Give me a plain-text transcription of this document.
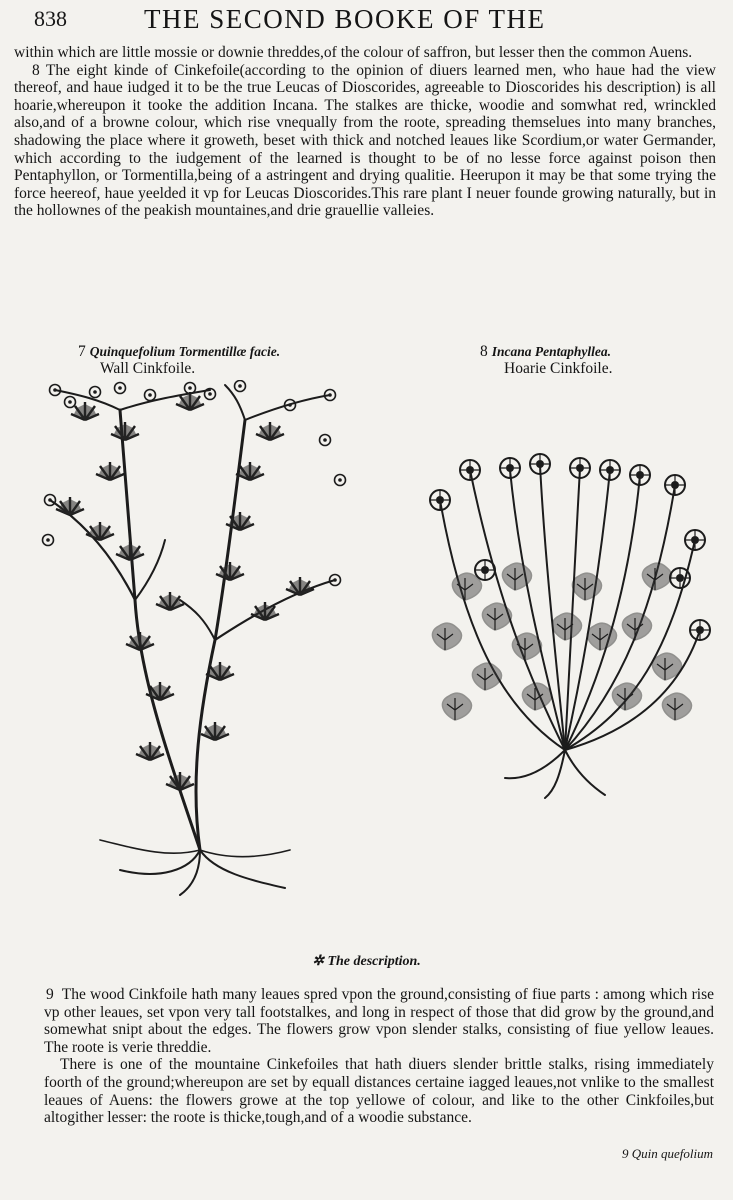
838	THE SECOND BOOKE OF THE

within which are little mossie or downie threddes,of the colour of saffron, but lesser then the common Auens.

8 The eight kinde of Cinkefoile(according to the opinion of diuers learned men, who haue had the view thereof, and haue iudged it to be the true Leucas of Dioscorides, agreeable to Dioscorides his description) is all hoarie,whereupon it tooke the addition Incana. The stalkes are thicke, woodie and somwhat red, wrinckled also,and of a browne colour, which rise vnequally from the roote, spreading themselues into many branches, shadowing the place where it groweth, beset with thick and notched leaues like Scordium,or water Germander, which according to the iudgement of the learned is thought to be of no lesse force against poison then Pentaphyllon, or Tormentilla,being of a astringent and drying qualitie. Heerupon it may be that some trying the force heereof, haue yeelded it vp for Leucas Dioscorides.This rare plant I neuer founde growing naturally, but in the hollownes of the peakish mountaines,and drie grauellie valleies.

7 Quinquefolium Tormentillæ facie.
Wall Cinkfoile.
8 Incana Pentaphyllea.
Hoarie Cinkfoile.
✲ The description.

9 The wood Cinkfoile hath many leaues spred vpon the ground,consisting of fiue parts : among which rise vp other leaues, set vpon very tall footstalkes, and long in respect of those that did grow by the ground,and somewhat snipt about the edges. The flowers grow vpon slender stalks, consisting of fiue yellow leaues. The roote is verie threddie.

There is one of the mountaine Cinkefoiles that hath diuers slender brittle stalks, rising immediately foorth of the ground;whereupon are set by equall distances certaine iagged leaues,not vnlike to the smallest leaues of Auens: the flowers growe at the top yellowe of colour, and like to the other Cinkfoiles,but altogither lesser: the roote is thicke,tough,and of a woodie substance.

9 Quin quefolium
